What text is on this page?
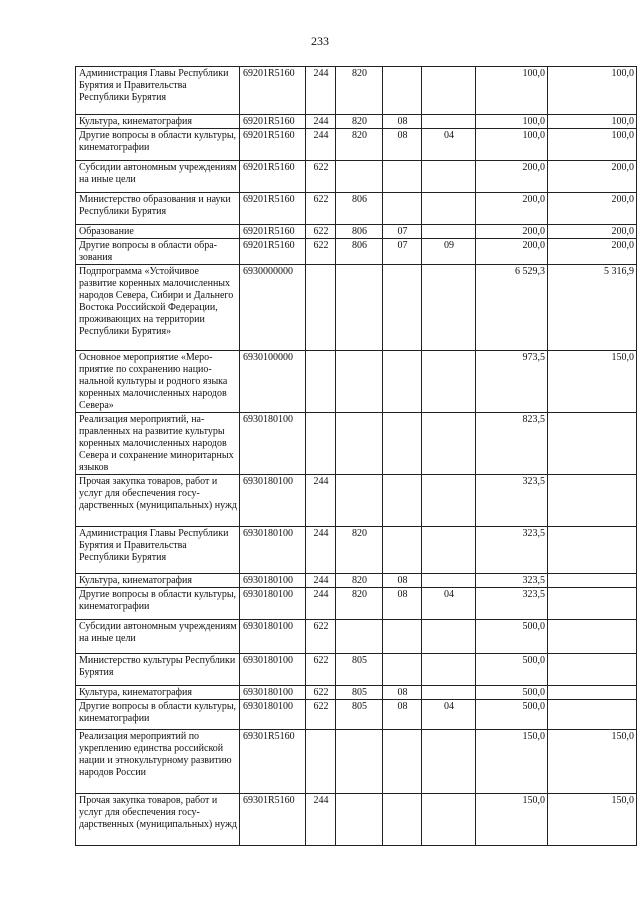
233
Администрация Главы Республики Бурятия и Правительства Республики Бурятия	69201R5160	244	820			100,0	100,0
Культура, кинематография	69201R5160	244	820	08		100,0	100,0
Другие вопросы в области культуры, кинематографии	69201R5160	244	820	08	04	100,0	100,0
Субсидии автономным учреждениям на иные цели	69201R5160	622				200,0	200,0
Министерство образования и науки Республики Бурятия	69201R5160	622	806			200,0	200,0
Образование	69201R5160	622	806	07		200,0	200,0
Другие вопросы в области образования	69201R5160	622	806	07	09	200,0	200,0
Подпрограмма «Устойчивое развитие коренных малочисленных народов Севера, Сибири и Дальнего Востока Российской Федерации, проживающих на территории Республики Бурятия»	6930000000					6 529,3	5 316,9
Основное мероприятие «Мероприятие по сохранению национальной культуры и родного языка коренных малочисленных народов Севера»	6930100000					973,5	150,0
Реализация мероприятий, направленных на развитие культуры коренных малочисленных народов Севера и сохранение миноритарных языков	6930180100					823,5	
Прочая закупка товаров, работ и услуг для обеспечения государственных (муниципальных) нужд	6930180100	244				323,5	
Администрация Главы Республики Бурятия и Правительства Республики Бурятия	6930180100	244	820			323,5	
Культура, кинематография	6930180100	244	820	08		323,5	
Другие вопросы в области культуры, кинематографии	6930180100	244	820	08	04	323,5	
Субсидии автономным учреждениям на иные цели	6930180100	622				500,0	
Министерство культуры Республики Бурятия	6930180100	622	805			500,0	
Культура, кинематография	6930180100	622	805	08		500,0	
Другие вопросы в области культуры, кинематографии	6930180100	622	805	08	04	500,0	
Реализация мероприятий по укреплению единства российской нации и этнокультурному развитию народов России	69301R5160					150,0	150,0
Прочая закупка товаров, работ и услуг для обеспечения государственных (муниципальных) нужд	69301R5160	244				150,0	150,0
